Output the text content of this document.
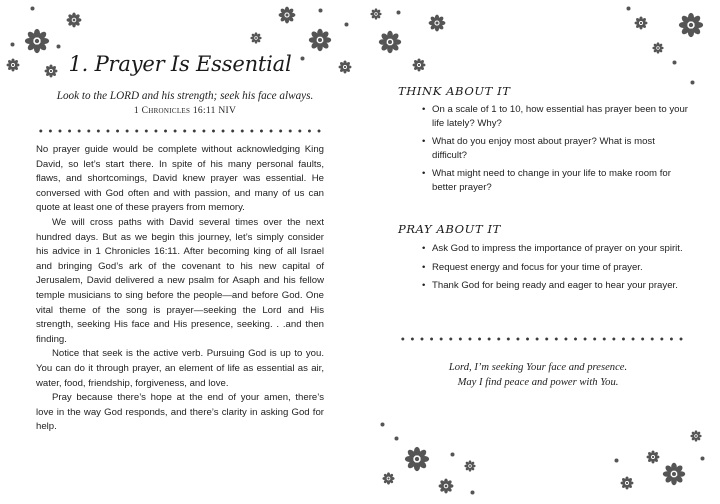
1. Prayer Is Essential
Look to the LORD and his strength; seek his face always.
1 Chronicles 16:11 NIV

No prayer guide would be complete without acknowledging King David, so let’s start there. In spite of his many personal faults, flaws, and shortcomings, David knew prayer was essential. He conversed with God often and with passion, and many of us can quote at least one of these prayers from memory.

We will cross paths with David several times over the next hundred days. But as we begin this journey, let’s simply consider his advice in 1 Chronicles 16:11. After becoming king of all Israel and bringing God’s ark of the covenant to his new capital of Jerusalem, David delivered a new psalm for Asaph and his fellow temple musicians to sing before the people—and before God. One vital theme of the song is prayer—seeking the Lord and His strength, seeking His face and His presence, seeking. . .and then finding.

Notice that seek is the active verb. Pursuing God is up to you. You can do it through prayer, an element of life as essential as air, water, food, friendship, forgiveness, and love.

Pray because there’s hope at the end of your amen, there’s love in the way God responds, and there’s clarity in asking God for help.

THINK ABOUT IT
• On a scale of 1 to 10, how essential has prayer been to your life lately? Why?
• What do you enjoy most about prayer? What is most difficult?
• What might need to change in your life to make room for better prayer?
PRAY ABOUT IT
• Ask God to impress the importance of prayer on your spirit.
• Request energy and focus for your time of prayer.
• Thank God for being ready and eager to hear your prayer.
Lord, I’m seeking Your face and presence.
May I find peace and power with You.
